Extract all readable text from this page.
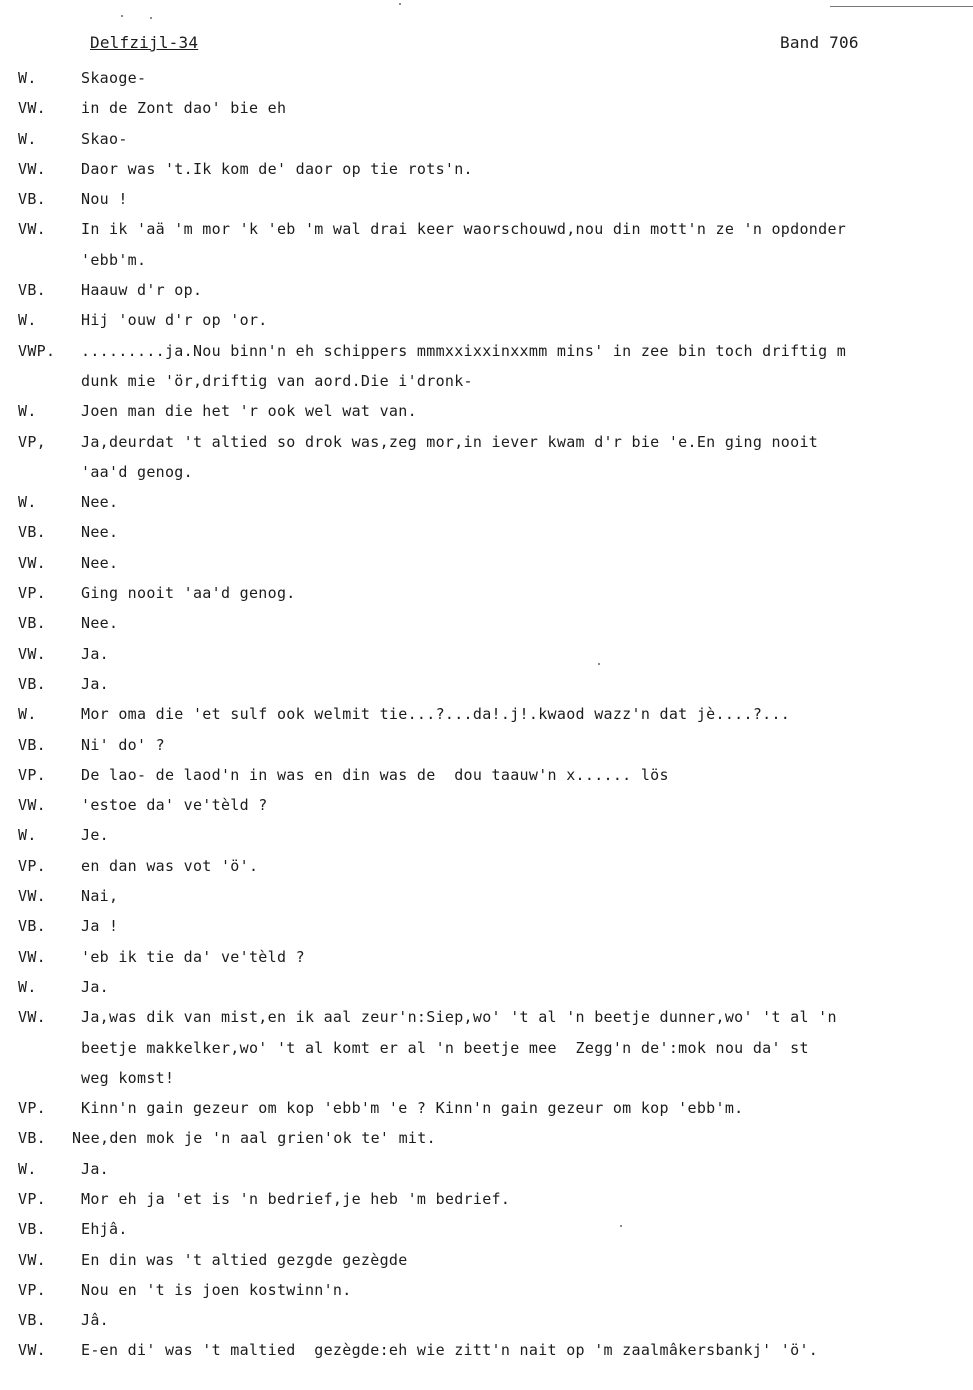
Delfzijl-34	Band 706
W.	Skaoge-
VW. in de Zont dao' bie eh
W.	Skao-
VW. Daor was 't.Ik kom de' daor op tie rots'n.
VB. Nou !
VW. In ik 'aä 'm mor 'k 'eb 'm wal drai keer waorschouwd,nou din mott'n ze 'n opdonder
'ebb'm.
VB. Haauw d'r op.
W.	Hij 'ouw d'r op 'or.
VWP. .........ja.Nou binn'n eh schippers mmmxxixxinxxmm mins' in zee bin toch driftig m
dunk mie 'ör,driftig van aord.Die i'dronk-
W.	Joen man die het 'r ook wel wat van.
VP, Ja,deurdat 't altied so drok was,zeg mor,in iever kwam d'r bie 'e.En ging nooit
'aa'd genog.
W.	Nee.
VB. Nee.
VW. Nee.
VP. Ging nooit 'aa'd genog.
VB. Nee.
VW. Ja.
VB. Ja.
W.	Mor oma die 'et sulf ook welmit tie...?...da!.j!.kwaod wazz'n dat jè....?...
VB. Ni' do' ?
VP. De lao- de laod'n in was en din was de  dou taauw'n x...... lös
VW. 'estoe da' ve'tèld ?
W.	Je.
VP. en dan was vot 'ö'.
VW. Nai,
VB. Ja !
VW. 'eb ik tie da' ve'tèld ?
W.	Ja.
VW. Ja,was dik van mist,en ik aal zeur'n:Siep,wo' 't al 'n beetje dunner,wo' 't al 'n
beetje makkelker,wo' 't al komt er al 'n beetje mee  Zegg'n de':mok nou da' st
weg komst!
VP. Kinn'n gain gezeur om kop 'ebb'm 'e ? Kinn'n gain gezeur om kop 'ebb'm.
VB. Nee,den mok je 'n aal grien'ok te' mit.
W.	Ja.
VP. Mor eh ja 'et is 'n bedrief,je heb 'm bedrief.
VB. Ehjâ.
VW. En din was 't altied gezgde gezègde
VP. Nou en 't is joen kostwinn'n.
VB. Jâ.
VW. E-en di' was 't maltied  gezègde:eh wie zitt'n nait op 'm zaalmâkersbankj' 'ö'.
